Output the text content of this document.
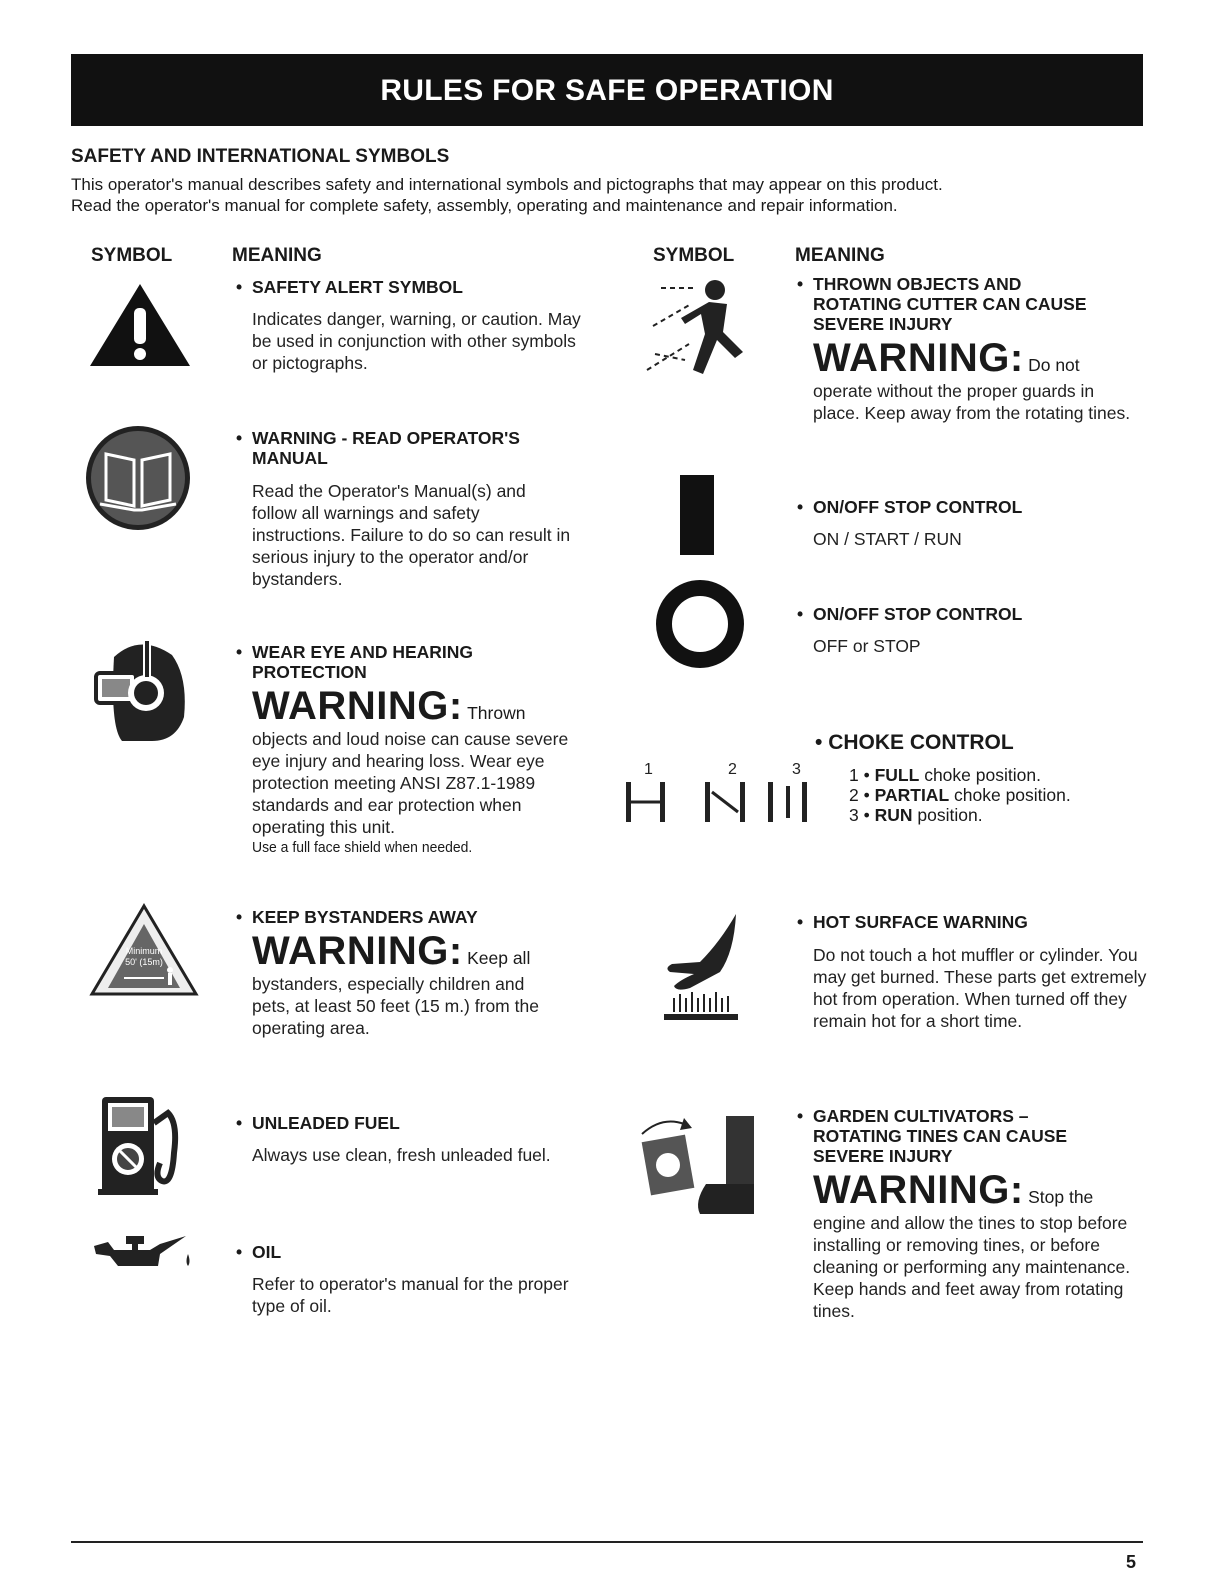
RULES FOR SAFE OPERATION
SAFETY AND INTERNATIONAL SYMBOLS
This operator's manual describes safety and international symbols and pictographs that may appear on this product.
Read the operator's manual for complete safety, assembly, operating and maintenance and repair information.
SYMBOL	MEANING	SYMBOL	MEANING
• SAFETY ALERT SYMBOL
Indicates danger, warning, or caution. May be used in conjunction with other symbols or pictographs.
• WARNING - READ OPERATOR'S
MANUAL
Read the Operator's Manual(s) and follow all warnings and safety instructions. Failure to do so can result in serious injury to the operator and/or bystanders.
• WEAR EYE AND HEARING
PROTECTION
WARNING: Thrown
objects and loud noise can cause severe eye injury and hearing loss. Wear eye protection meeting ANSI Z87.1-1989 standards and ear protection when operating this unit.
Use a full face shield when needed.
Minimum
50' (15m)
• KEEP BYSTANDERS AWAY
WARNING: Keep all
bystanders, especially children and pets, at least 50 feet (15 m.) from the operating area.
• UNLEADED FUEL
Always use clean, fresh unleaded fuel.
• OIL
Refer to operator's manual for the proper type of oil.
• THROWN OBJECTS AND
ROTATING CUTTER CAN CAUSE
SEVERE INJURY
WARNING: Do not
operate without the proper guards in place. Keep away from the rotating tines.
• ON/OFF STOP CONTROL
ON / START / RUN
• ON/OFF STOP CONTROL
OFF or STOP
1	2	3
• CHOKE CONTROL
1 • FULL choke position.
2 • PARTIAL choke position.
3 • RUN position.
• HOT SURFACE WARNING
Do not touch a hot muffler or cylinder. You may get burned. These parts get extremely hot from operation. When turned off they remain hot for a short time.
• GARDEN CULTIVATORS –
ROTATING TINES CAN CAUSE
SEVERE INJURY
WARNING: Stop the
engine and allow the tines to stop before installing or removing tines, or before cleaning or performing any maintenance. Keep hands and feet away from rotating tines.
5
